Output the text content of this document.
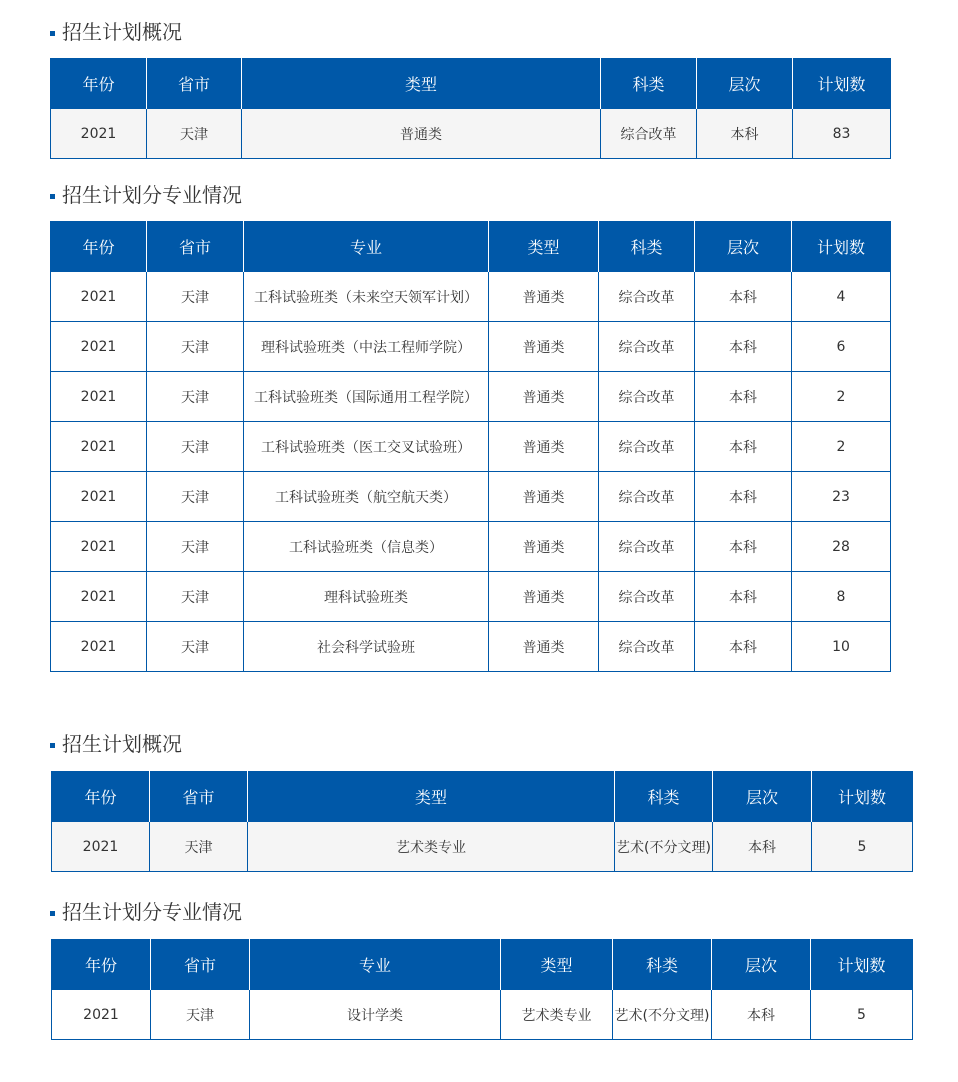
招生计划概况
年份	省市	类型	科类	层次	计划数
2021	天津	普通类	综合改革	本科	83
招生计划分专业情况
年份	省市	专业	类型	科类	层次	计划数
2021	天津	工科试验班类（未来空天领军计划）	普通类	综合改革	本科	4
2021	天津	理科试验班类（中法工程师学院）	普通类	综合改革	本科	6
2021	天津	工科试验班类（国际通用工程学院）	普通类	综合改革	本科	2
2021	天津	工科试验班类（医工交叉试验班）	普通类	综合改革	本科	2
2021	天津	工科试验班类（航空航天类）	普通类	综合改革	本科	23
2021	天津	工科试验班类（信息类）	普通类	综合改革	本科	28
2021	天津	理科试验班类	普通类	综合改革	本科	8
2021	天津	社会科学试验班	普通类	综合改革	本科	10
招生计划概况
年份	省市	类型	科类	层次	计划数
2021	天津	艺术类专业	艺术(不分文理)	本科	5
招生计划分专业情况
年份	省市	专业	类型	科类	层次	计划数
2021	天津	设计学类	艺术类专业	艺术(不分文理)	本科	5
